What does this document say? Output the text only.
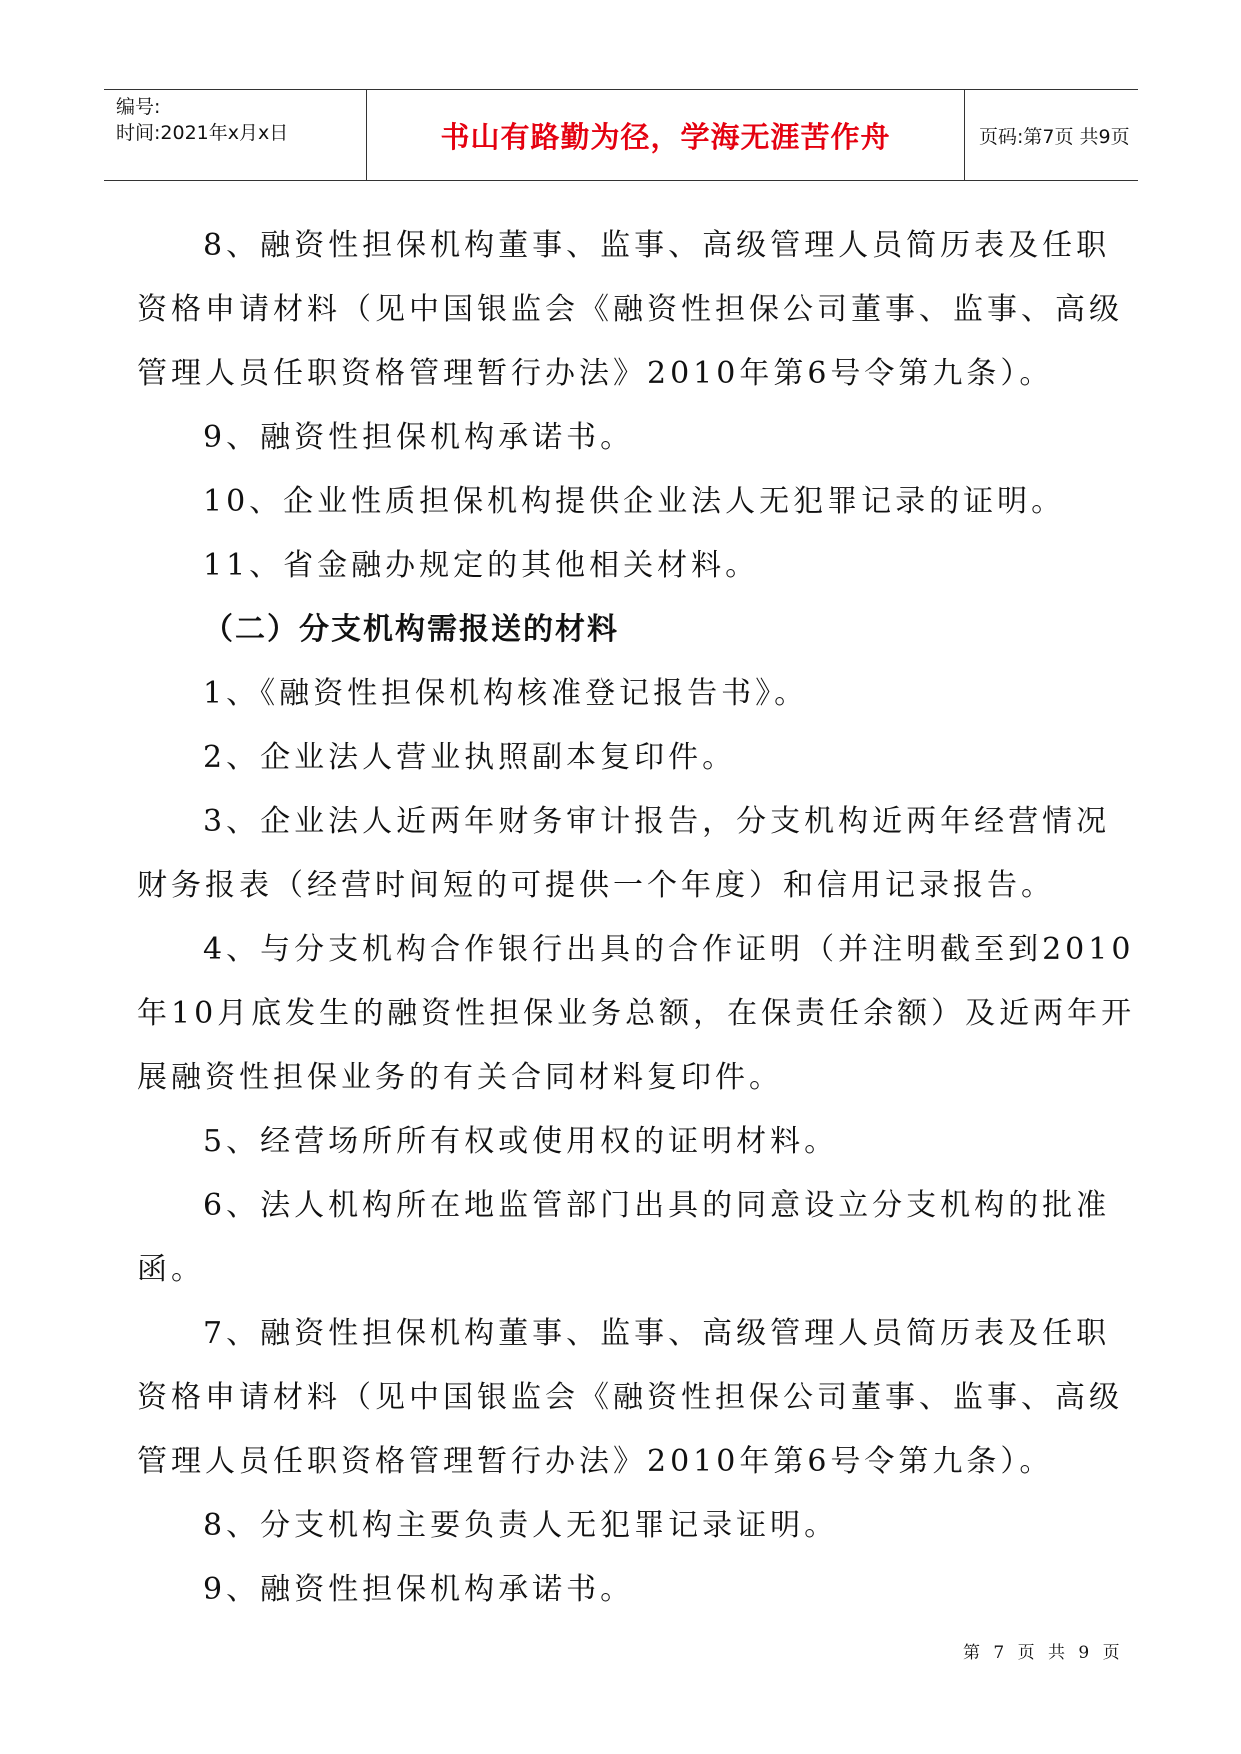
编号:
时间:2021年x月x日	书山有路勤为径，学海无涯苦作舟	页码:第7页 共9页

8、融资性担保机构董事、监事、高级管理人员简历表及任职资格申请材料（见中国银监会《融资性担保公司董事、监事、高级管理人员任职资格管理暂行办法》2010年第6号令第九条）。

9、融资性担保机构承诺书。

10、企业性质担保机构提供企业法人无犯罪记录的证明。

11、省金融办规定的其他相关材料。

（二）分支机构需报送的材料

1、《融资性担保机构核准登记报告书》。

2、企业法人营业执照副本复印件。

3、企业法人近两年财务审计报告，分支机构近两年经营情况财务报表（经营时间短的可提供一个年度）和信用记录报告。

4、与分支机构合作银行出具的合作证明（并注明截至到2010年10月底发生的融资性担保业务总额，在保责任余额）及近两年开展融资性担保业务的有关合同材料复印件。

5、经营场所所有权或使用权的证明材料。

6、法人机构所在地监管部门出具的同意设立分支机构的批准函。

7、融资性担保机构董事、监事、高级管理人员简历表及任职资格申请材料（见中国银监会《融资性担保公司董事、监事、高级管理人员任职资格管理暂行办法》2010年第6号令第九条）。

8、分支机构主要负责人无犯罪记录证明。

9、融资性担保机构承诺书。

第 7 页 共 9 页
